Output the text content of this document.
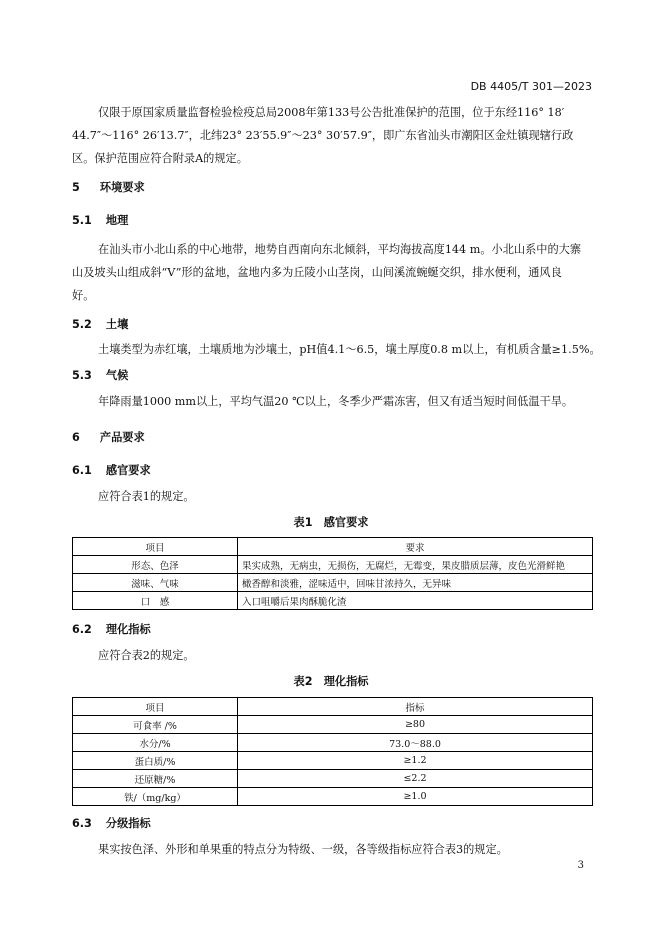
DB 4405/T 301—2023
仅限于原国家质量监督检验检疫总局2008年第133号公告批准保护的范围，位于东经116° 18′
44.7″～116° 26′13.7″，北纬23° 23′55.9″～23° 30′57.9″，即广东省汕头市潮阳区金灶镇现辖行政
区。保护范围应符合附录A的规定。
5 环境要求
5.1 地理
在汕头市小北山系的中心地带，地势自西南向东北倾斜，平均海拔高度144 m。小北山系中的大寨
山及坡头山组成斜“V”形的盆地，盆地内多为丘陵小山茎岗，山间溪流蜿蜒交织，排水便利，通风良
好。
5.2 土壤
土壤类型为赤红壤，土壤质地为沙壤土，pH值4.1～6.5，壤土厚度0.8 m以上，有机质含量≥1.5%。
5.3 气候
年降雨量1000 mm以上，平均气温20 ℃以上，冬季少严霜冻害，但又有适当短时间低温干旱。
6 产品要求
6.1 感官要求
应符合表1的规定。
表1　感官要求
项目	要求
形态、色泽	果实成熟，无病虫，无损伤，无腐烂，无霉变，果皮腊质层薄，皮色光滑鲜艳
滋味、气味	橄香醇和淡雅，涩味适中，回味甘浓持久，无异味
口　感	入口咀嚼后果肉酥脆化渣
6.2 理化指标
应符合表2的规定。
表2　理化指标
项目	指标
可食率 /%	≥80
水分/%	73.0～88.0
蛋白质/%	≥1.2
还原糖/%	≤2.2
铁/（mg/kg）	≥1.0
6.3 分级指标
果实按色泽、外形和单果重的特点分为特级、一级，各等级指标应符合表3的规定。
3
